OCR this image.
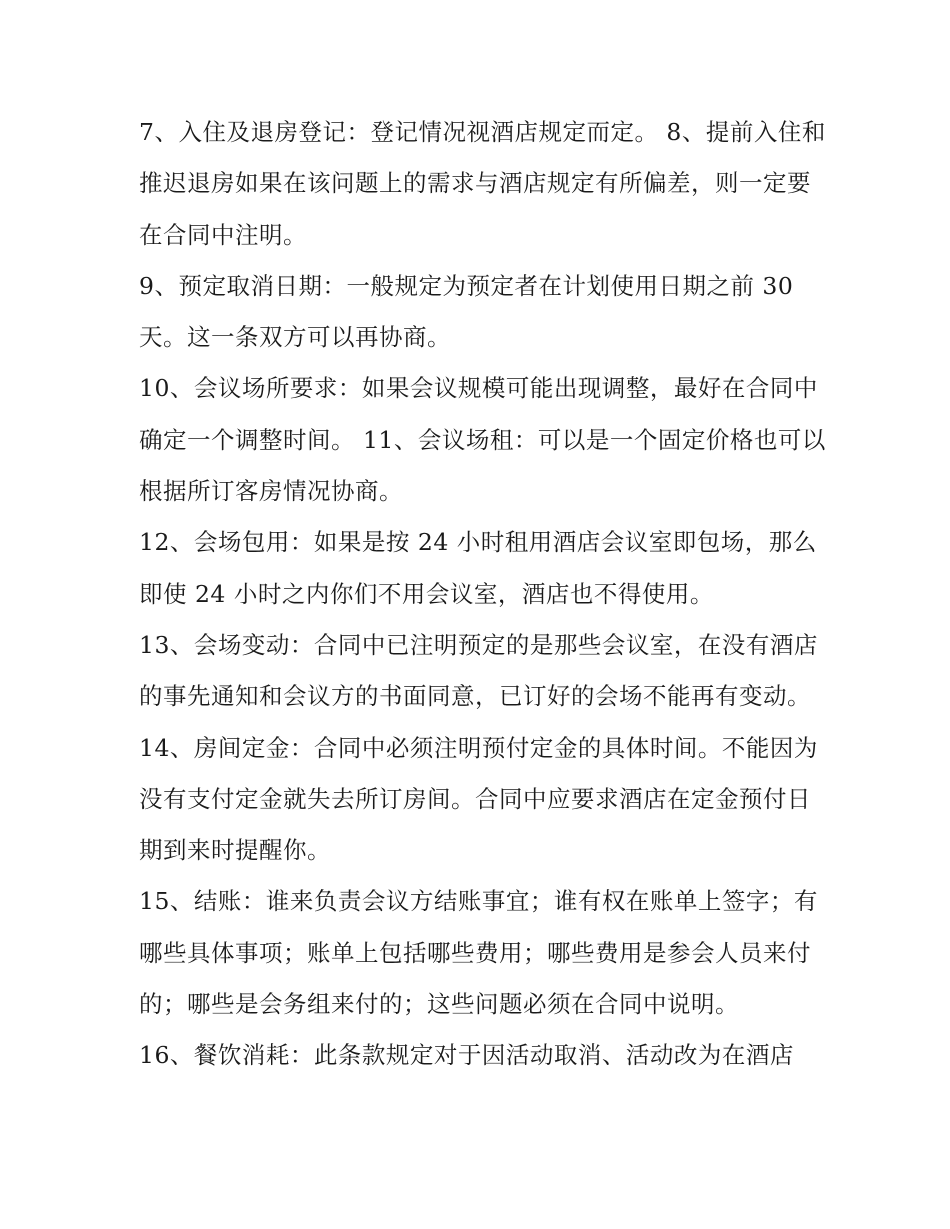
7、入住及退房登记：登记情况视酒店规定而定。 8、提前入住和推迟退房如果在该问题上的需求与酒店规定有所偏差，则一定要在合同中注明。

9、预定取消日期：一般规定为预定者在计划使用日期之前 30 天。这一条双方可以再协商。

10、会议场所要求：如果会议规模可能出现调整，最好在合同中确定一个调整时间。 11、会议场租：可以是一个固定价格也可以根据所订客房情况协商。

12、会场包用：如果是按 24 小时租用酒店会议室即包场，那么即使 24 小时之内你们不用会议室，酒店也不得使用。

13、会场变动：合同中已注明预定的是那些会议室，在没有酒店的事先通知和会议方的书面同意，已订好的会场不能再有变动。

14、房间定金：合同中必须注明预付定金的具体时间。不能因为没有支付定金就失去所订房间。合同中应要求酒店在定金预付日期到来时提醒你。

15、结账：谁来负责会议方结账事宜；谁有权在账单上签字；有哪些具体事项；账单上包括哪些费用；哪些费用是参会人员来付的；哪些是会务组来付的；这些问题必须在合同中说明。

16、餐饮消耗：此条款规定对于因活动取消、活动改为在酒店
